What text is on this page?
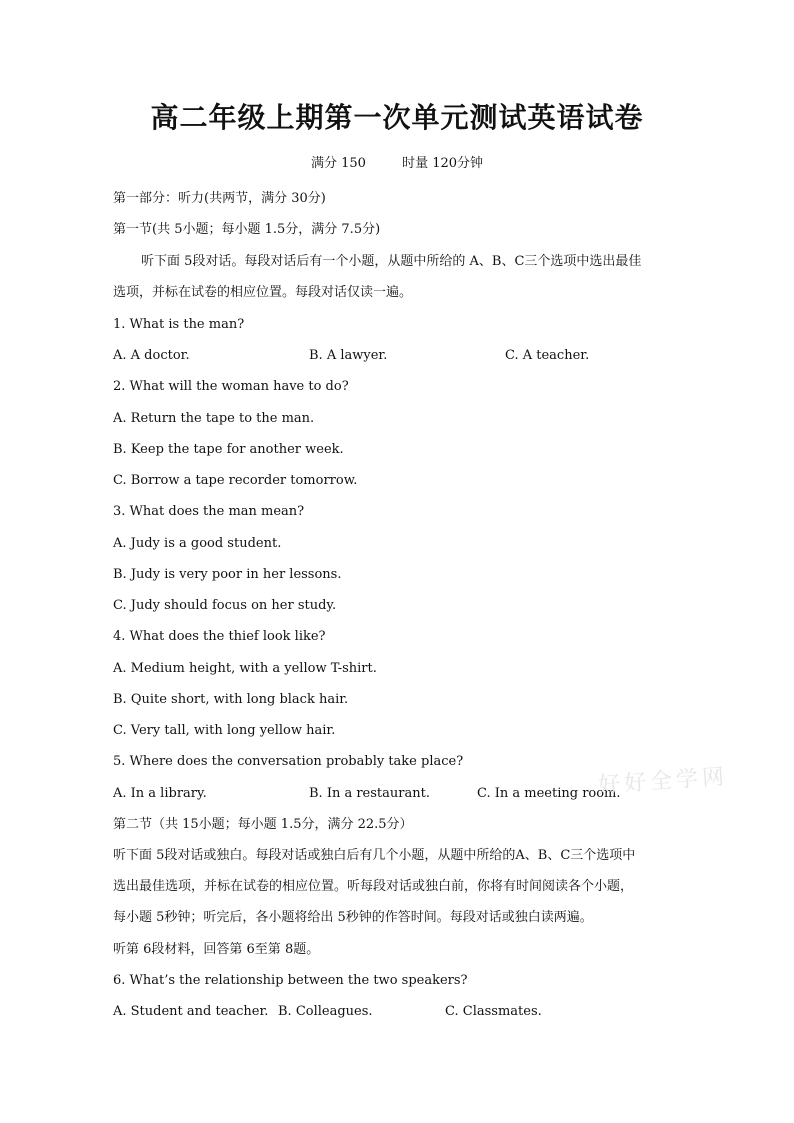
高二年级上期第一次单元测试英语试卷
满分 150	时量 120分钟
第一部分：听力(共两节，满分 30分)
第一节(共 5小题；每小题 1.5分，满分 7.5分)
听下面 5段对话。每段对话后有一个小题，从题中所给的 A、B、C三个选项中选出最佳
选项，并标在试卷的相应位置。每段对话仅读一遍。
1. What is the man?
A. A doctor.	B. A lawyer.	C. A teacher.
2. What will the woman have to do?
A. Return the tape to the man.
B. Keep the tape for another week.
C. Borrow a tape recorder tomorrow.
3. What does the man mean?
A. Judy is a good student.
B. Judy is very poor in her lessons.
C. Judy should focus on her study.
4. What does the thief look like?
A. Medium height, with a yellow T-shirt.
B. Quite short, with long black hair.
C. Very tall, with long yellow hair.
5. Where does the conversation probably take place?
A. In a library.	B. In a restaurant.	C. In a meeting room.
好好全学网
第二节（共 15小题；每小题 1.5分，满分 22.5分）
听下面 5段对话或独白。每段对话或独白后有几个小题，从题中所给的A、B、C三个选项中
选出最佳选项，并标在试卷的相应位置。听每段对话或独白前，你将有时间阅读各个小题，
每小题 5秒钟；听完后，各小题将给出 5秒钟的作答时间。每段对话或独白读两遍。
听第 6段材料，回答第 6至第 8题。
6. What’s the relationship between the two speakers?
A. Student and teacher. B. Colleagues.	C. Classmates.
